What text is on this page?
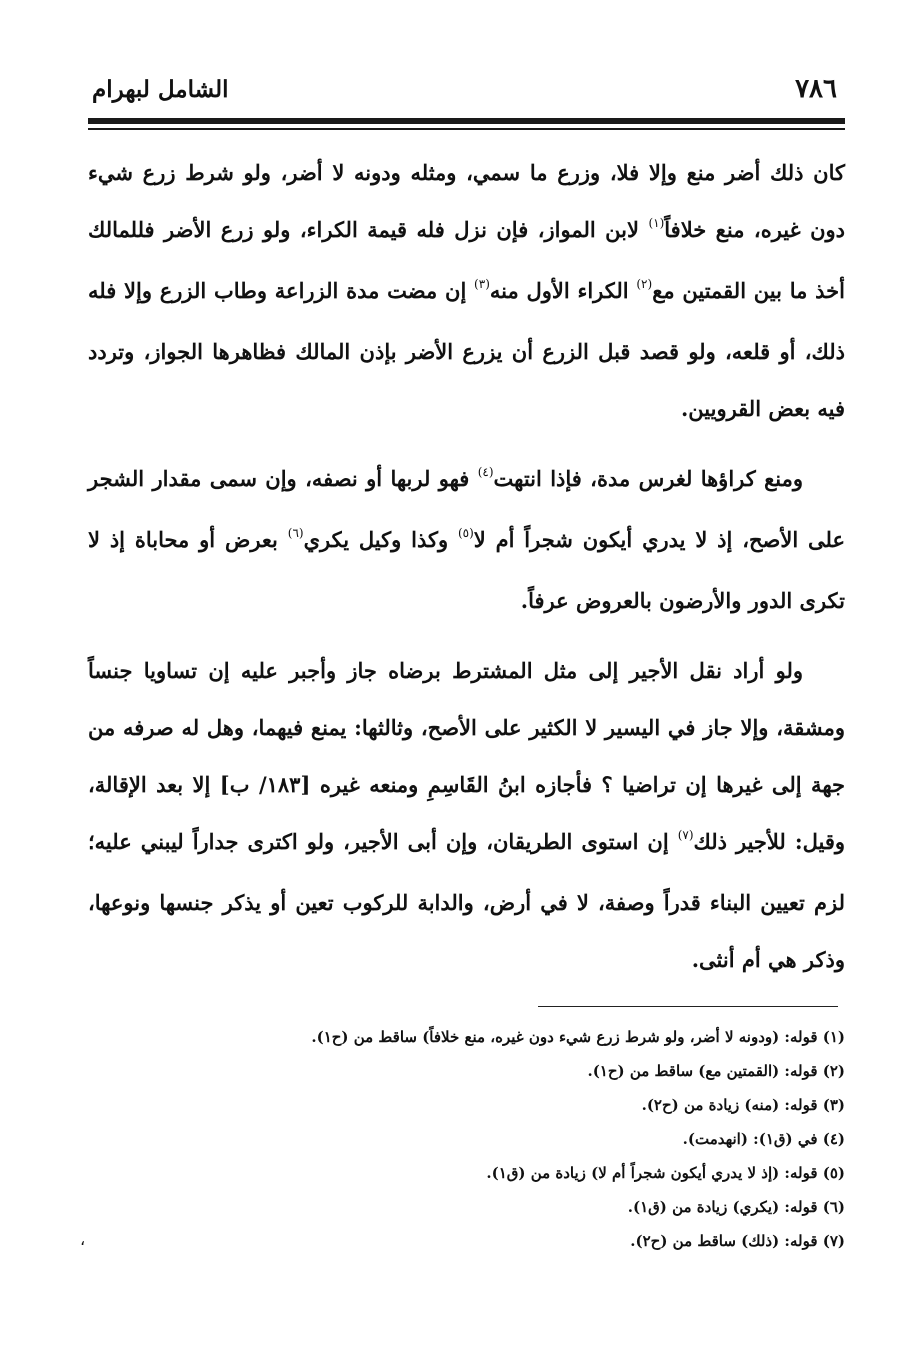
٧٨٦
الشامل لبهرام

كان ذلك أضر منع وإلا فلا، وزرع ما سمي، ومثله ودونه لا أضر، ولو شرط زرع شيء دون غيره، منع خلافاً$^{(١)}$ لابن المواز، فإن نزل فله قيمة الكراء، ولو زرع الأضر فللمالك أخذ ما بين القمتين مع$^{(٢)}$ الكراء الأول منه$^{(٣)}$ إن مضت مدة الزراعة وطاب الزرع وإلا فله ذلك، أو قلعه، ولو قصد قبل الزرع أن يزرع الأضر بإذن المالك فظاهرها الجواز، وتردد فيه بعض القرويين.

ومنع كراؤها لغرس مدة، فإذا انتهت$^{(٤)}$ فهو لربها أو نصفه، وإن سمى مقدار الشجر على الأصح، إذ لا يدري أيكون شجراً أم لا$^{(٥)}$ وكذا وكيل يكري$^{(٦)}$ بعرض أو محاباة إذ لا تكرى الدور والأرضون بالعروض عرفاً.

ولو أراد نقل الأجير إلى مثل المشترط برضاه جاز وأجبر عليه إن تساويا جنساً ومشقة، وإلا جاز في اليسير لا الكثير على الأصح، وثالثها: يمنع فيهما، وهل له صرفه من جهة إلى غيرها إن تراضيا ؟ فأجازه ابنُ القَاسِمِ ومنعه غيره [١٨٣/ ب] إلا بعد الإقالة، وقيل: للأجير ذلك$^{(٧)}$ إن استوى الطريقان، وإن أبى الأجير، ولو اكترى جداراً ليبني عليه؛ لزم تعيين البناء قدراً وصفة، لا في أرض، والدابة للركوب تعين أو يذكر جنسها ونوعها، وذكر هي أم أنثى.

(١) قوله: (ودونه لا أضر، ولو شرط زرع شيء دون غيره، منع خلافاً) ساقط من (ح١).

(٢) قوله: (القمتين مع) ساقط من (ح١).

(٣) قوله: (منه) زيادة من (ح٢).

(٤) في (ق١): (انهدمت).

(٥) قوله: (إذ لا يدري أيكون شجراً أم لا) زيادة من (ق١).

(٦) قوله: (يكري) زيادة من (ق١).

(٧) قوله: (ذلك) ساقط من (ح٢).

،
